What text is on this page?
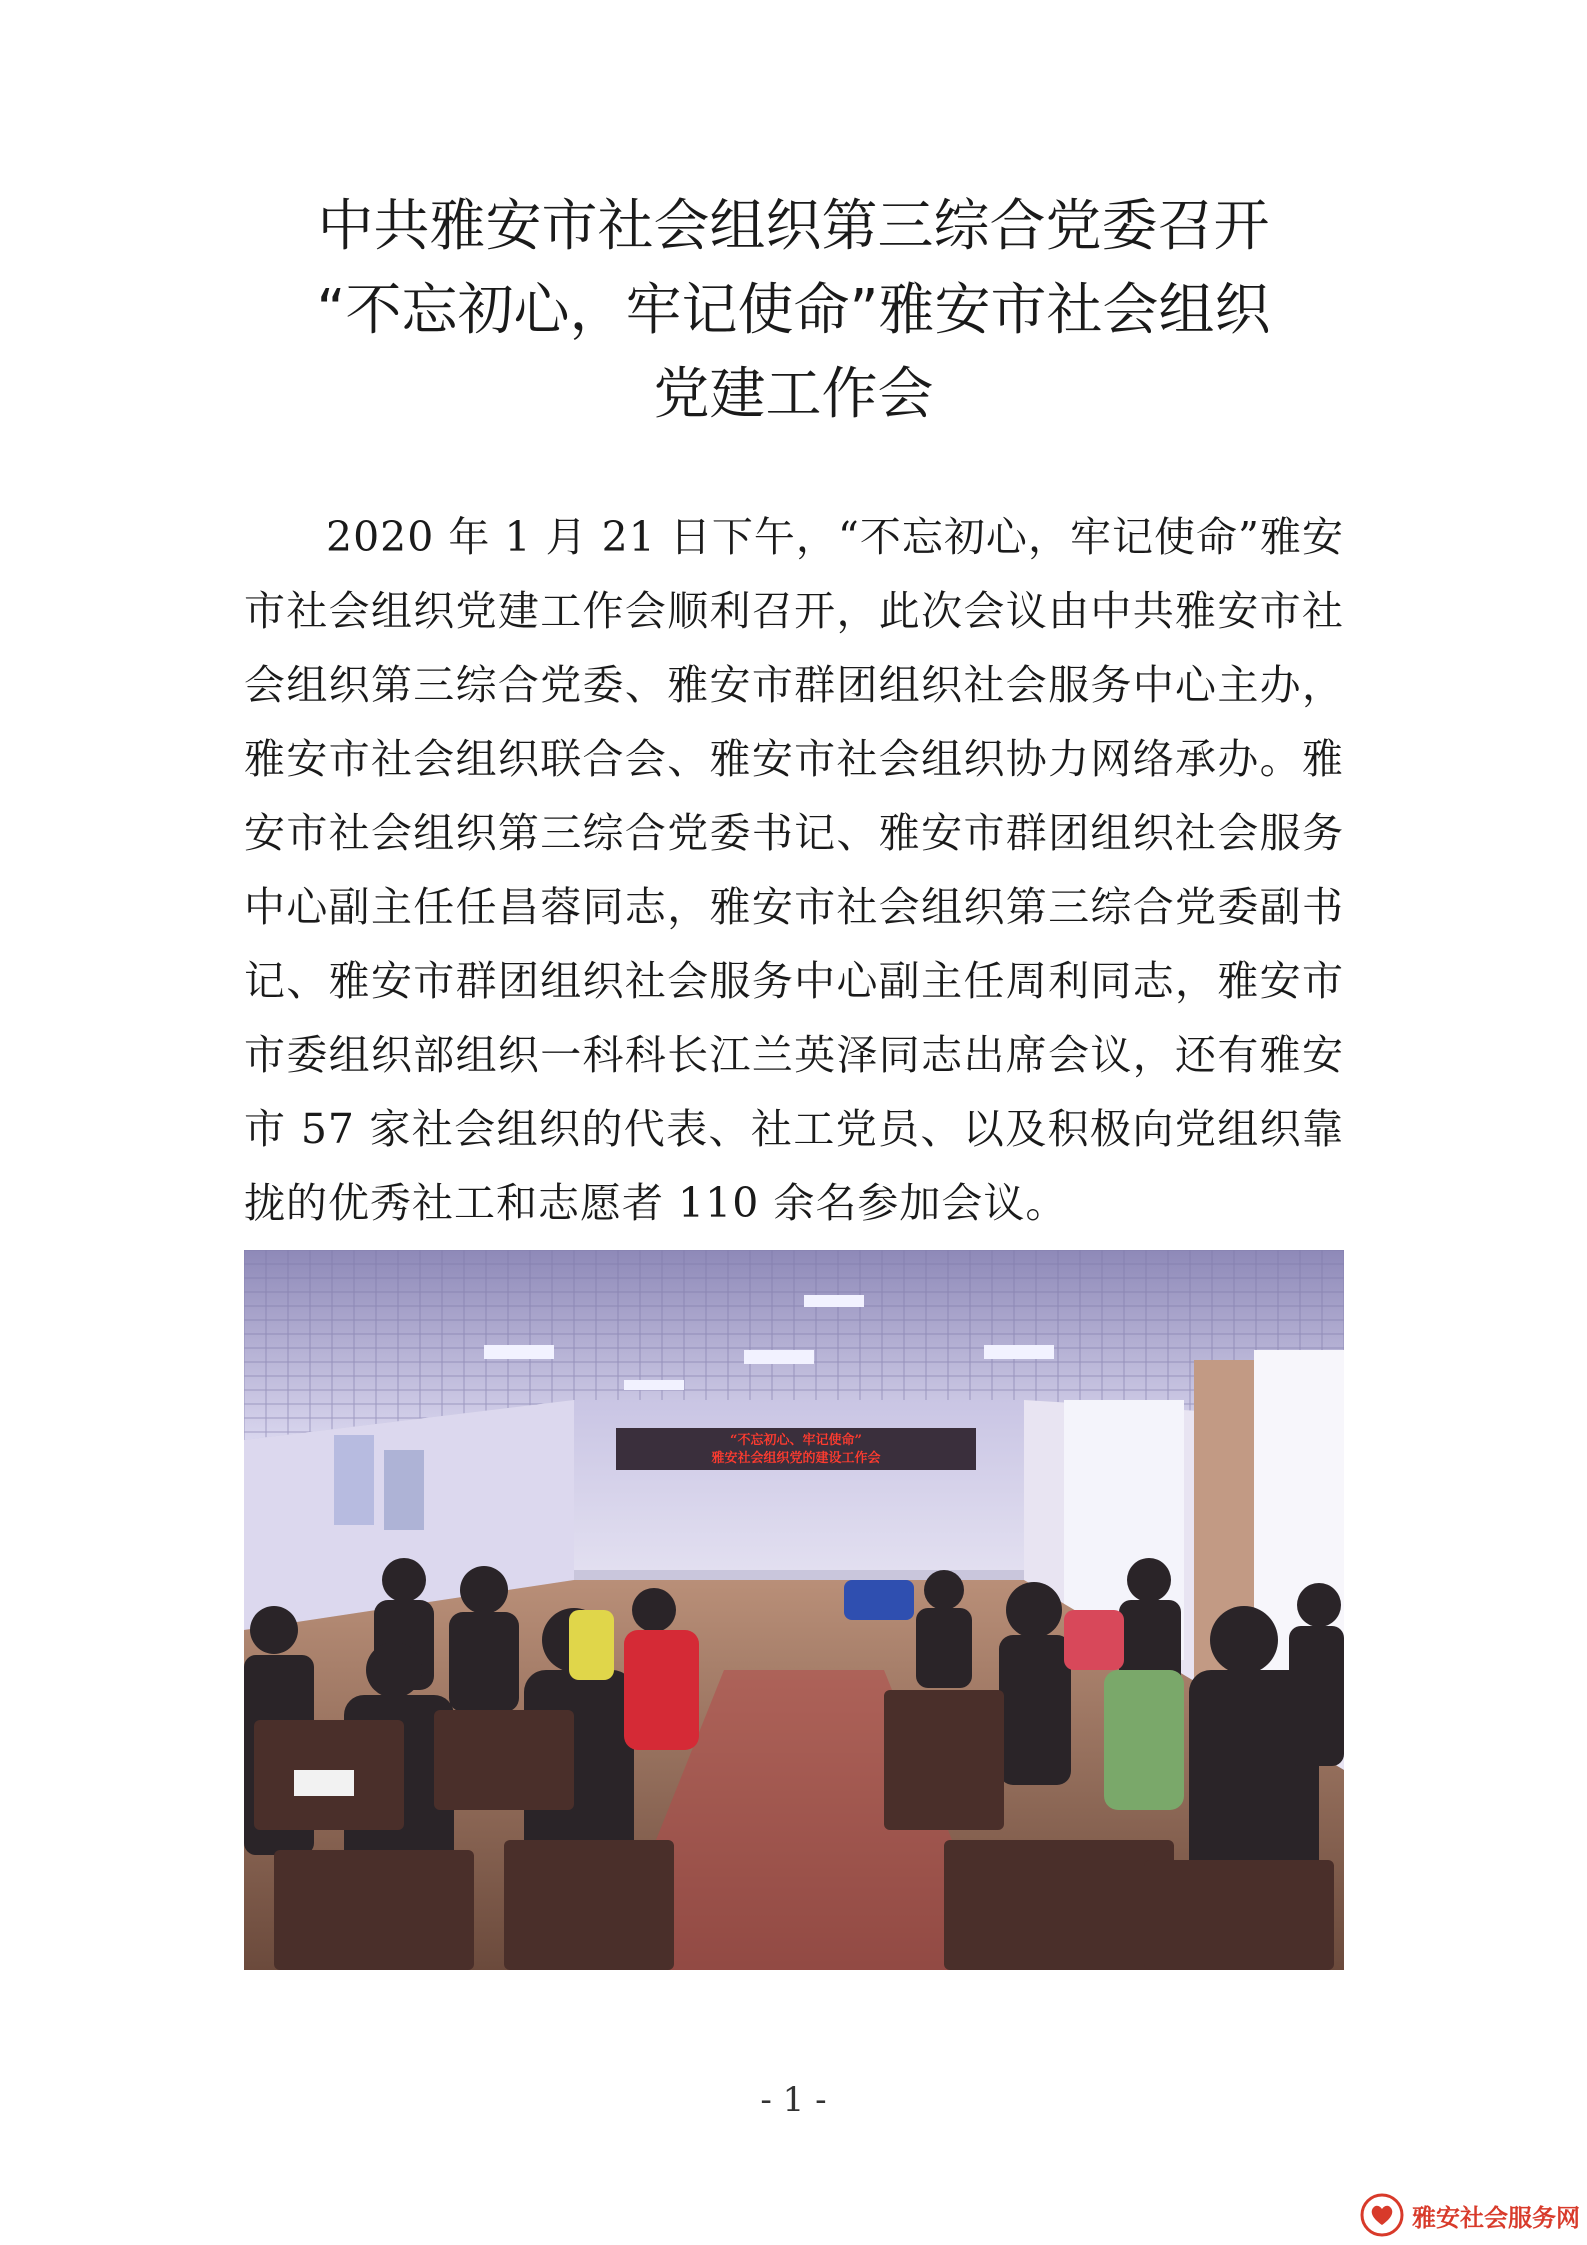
中共雅安市社会组织第三综合党委召开
“不忘初心，牢记使命”雅安市社会组织
党建工作会

2020 年 1 月 21 日下午，“不忘初心，牢记使命”雅安市社会组织党建工作会顺利召开，此次会议由中共雅安市社会组织第三综合党委、雅安市群团组织社会服务中心主办，雅安市社会组织联合会、雅安市社会组织协力网络承办。雅安市社会组织第三综合党委书记、雅安市群团组织社会服务中心副主任任昌蓉同志，雅安市社会组织第三综合党委副书记、雅安市群团组织社会服务中心副主任周利同志，雅安市市委组织部组织一科科长江兰英泽同志出席会议，还有雅安市 57 家社会组织的代表、社工党员、以及积极向党组织靠拢的优秀社工和志愿者 110 余名参加会议。

“不忘初心、牢记使命”
雅安社会组织党的建设工作会
- 1 -
雅安社会服务网
